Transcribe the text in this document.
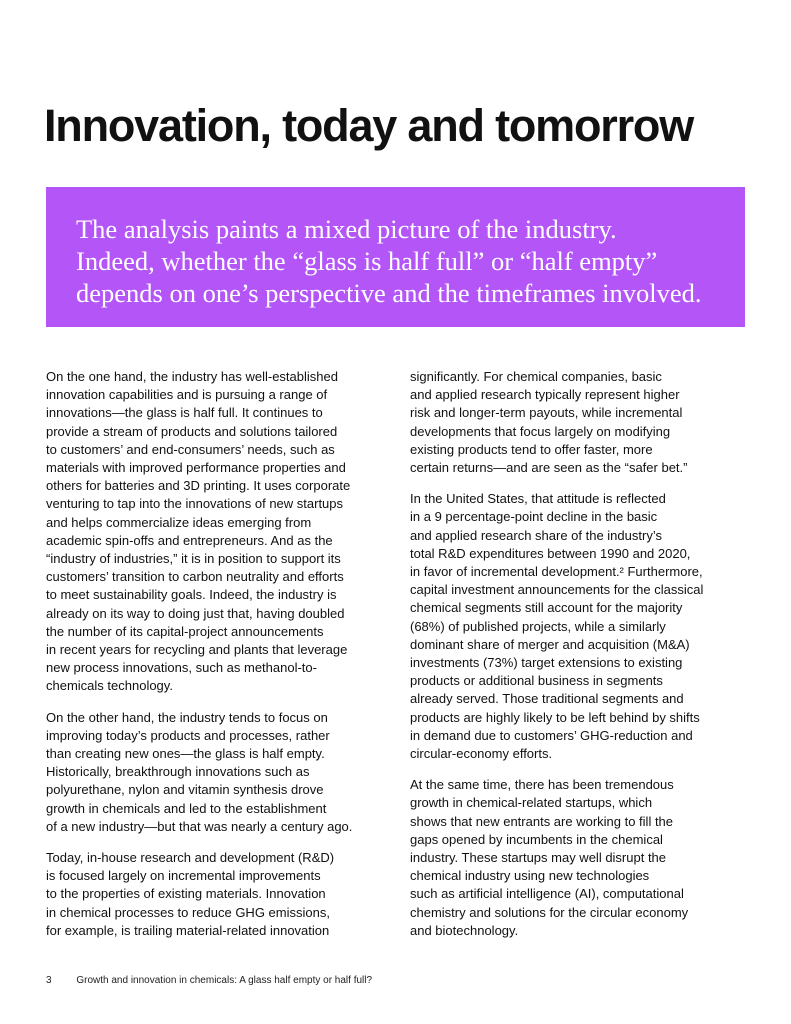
Innovation, today and tomorrow
The analysis paints a mixed picture of the industry.
Indeed, whether the “glass is half full” or “half empty”
depends on one’s perspective and the timeframes involved.
On the one hand, the industry has well-established
innovation capabilities and is pursuing a range of
innovations—the glass is half full. It continues to
provide a stream of products and solutions tailored
to customers’ and end-consumers’ needs, such as
materials with improved performance properties and
others for batteries and 3D printing. It uses corporate
venturing to tap into the innovations of new startups
and helps commercialize ideas emerging from
academic spin-offs and entrepreneurs. And as the
“industry of industries,” it is in position to support its
customers’ transition to carbon neutrality and efforts
to meet sustainability goals. Indeed, the industry is
already on its way to doing just that, having doubled
the number of its capital-project announcements
in recent years for recycling and plants that leverage
new process innovations, such as methanol-to-
chemicals technology.
On the other hand, the industry tends to focus on
improving today’s products and processes, rather
than creating new ones—the glass is half empty.
Historically, breakthrough innovations such as
polyurethane, nylon and vitamin synthesis drove
growth in chemicals and led to the establishment
of a new industry—but that was nearly a century ago.
Today, in-house research and development (R&D)
is focused largely on incremental improvements
to the properties of existing materials. Innovation
in chemical processes to reduce GHG emissions,
for example, is trailing material-related innovation
significantly. For chemical companies, basic
and applied research typically represent higher
risk and longer-term payouts, while incremental
developments that focus largely on modifying
existing products tend to offer faster, more
certain returns—and are seen as the “safer bet.”
In the United States, that attitude is reflected
in a 9 percentage-point decline in the basic
and applied research share of the industry’s
total R&D expenditures between 1990 and 2020,
in favor of incremental development.² Furthermore,
capital investment announcements for the classical
chemical segments still account for the majority
(68%) of published projects, while a similarly
dominant share of merger and acquisition (M&A)
investments (73%) target extensions to existing
products or additional business in segments
already served. Those traditional segments and
products are highly likely to be left behind by shifts
in demand due to customers’ GHG-reduction and
circular-economy efforts.
At the same time, there has been tremendous
growth in chemical-related startups, which
shows that new entrants are working to fill the
gaps opened by incumbents in the chemical
industry. These startups may well disrupt the
chemical industry using new technologies
such as artificial intelligence (AI), computational
chemistry and solutions for the circular economy
and biotechnology.
3 Growth and innovation in chemicals: A glass half empty or half full?
